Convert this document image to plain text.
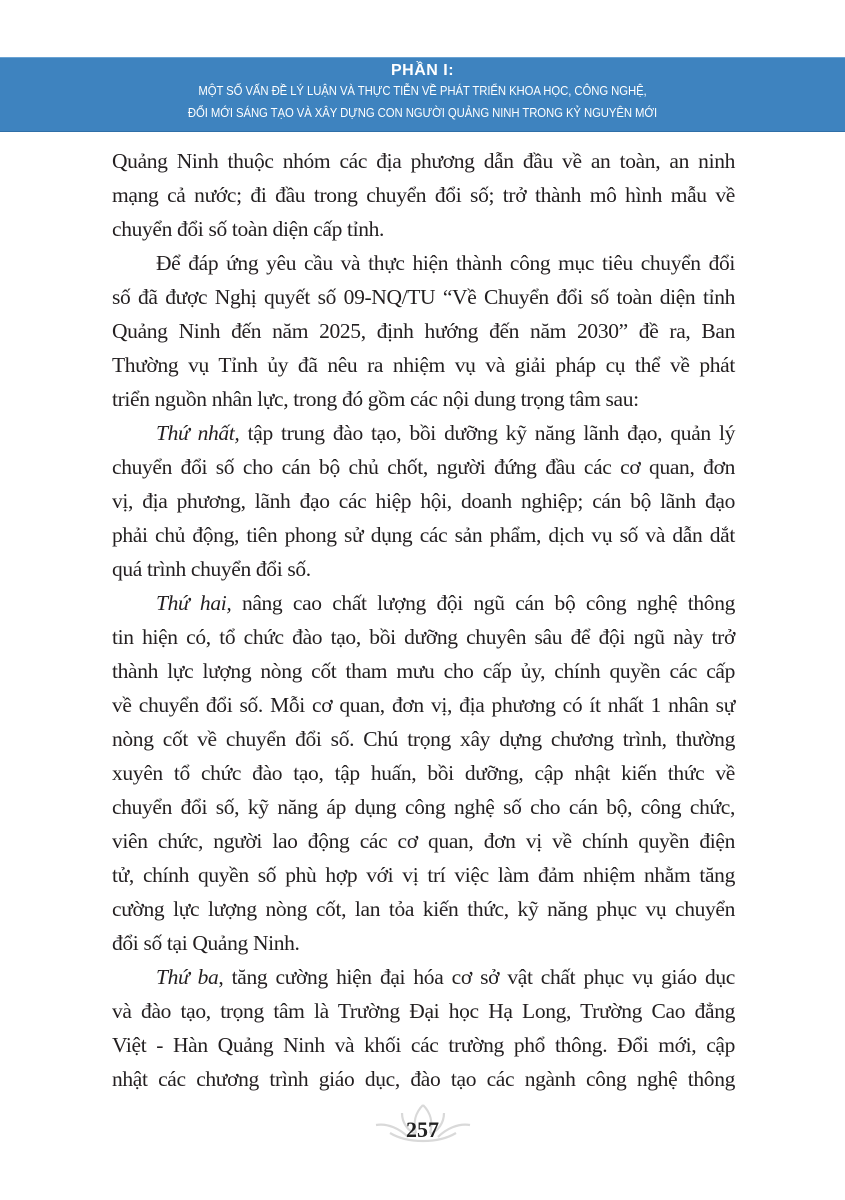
PHẦN I:
MỘT SỐ VẤN ĐỀ LÝ LUẬN VÀ THỰC TIỄN VỀ PHÁT TRIỂN KHOA HỌC, CÔNG NGHỆ,
ĐỔI MỚI SÁNG TẠO VÀ XÂY DỰNG CON NGƯỜI QUẢNG NINH TRONG KỶ NGUYÊN MỚI
Quảng Ninh thuộc nhóm các địa phương dẫn đầu về an toàn, an ninh
mạng cả nước; đi đầu trong chuyển đổi số; trở thành mô hình mẫu về
chuyển đổi số toàn diện cấp tỉnh.
Để đáp ứng yêu cầu và thực hiện thành công mục tiêu chuyển đổi
số đã được Nghị quyết số 09-NQ/TU “Về Chuyển đổi số toàn diện tỉnh
Quảng Ninh đến năm 2025, định hướng đến năm 2030” đề ra, Ban
Thường vụ Tỉnh ủy đã nêu ra nhiệm vụ và giải pháp cụ thể về phát
triển nguồn nhân lực, trong đó gồm các nội dung trọng tâm sau:
Thứ nhất, tập trung đào tạo, bồi dưỡng kỹ năng lãnh đạo, quản lý
chuyển đổi số cho cán bộ chủ chốt, người đứng đầu các cơ quan, đơn
vị, địa phương, lãnh đạo các hiệp hội, doanh nghiệp; cán bộ lãnh đạo
phải chủ động, tiên phong sử dụng các sản phẩm, dịch vụ số và dẫn dắt
quá trình chuyển đổi số.
Thứ hai, nâng cao chất lượng đội ngũ cán bộ công nghệ thông
tin hiện có, tổ chức đào tạo, bồi dưỡng chuyên sâu để đội ngũ này trở
thành lực lượng nòng cốt tham mưu cho cấp ủy, chính quyền các cấp
về chuyển đổi số. Mỗi cơ quan, đơn vị, địa phương có ít nhất 1 nhân sự
nòng cốt về chuyển đổi số. Chú trọng xây dựng chương trình, thường
xuyên tổ chức đào tạo, tập huấn, bồi dưỡng, cập nhật kiến thức về
chuyển đổi số, kỹ năng áp dụng công nghệ số cho cán bộ, công chức,
viên chức, người lao động các cơ quan, đơn vị về chính quyền điện
tử, chính quyền số phù hợp với vị trí việc làm đảm nhiệm nhằm tăng
cường lực lượng nòng cốt, lan tỏa kiến thức, kỹ năng phục vụ chuyển
đổi số tại Quảng Ninh.
Thứ ba, tăng cường hiện đại hóa cơ sở vật chất phục vụ giáo dục
và đào tạo, trọng tâm là Trường Đại học Hạ Long, Trường Cao đẳng
Việt - Hàn Quảng Ninh và khối các trường phổ thông. Đổi mới, cập
nhật các chương trình giáo dục, đào tạo các ngành công nghệ thông
257
